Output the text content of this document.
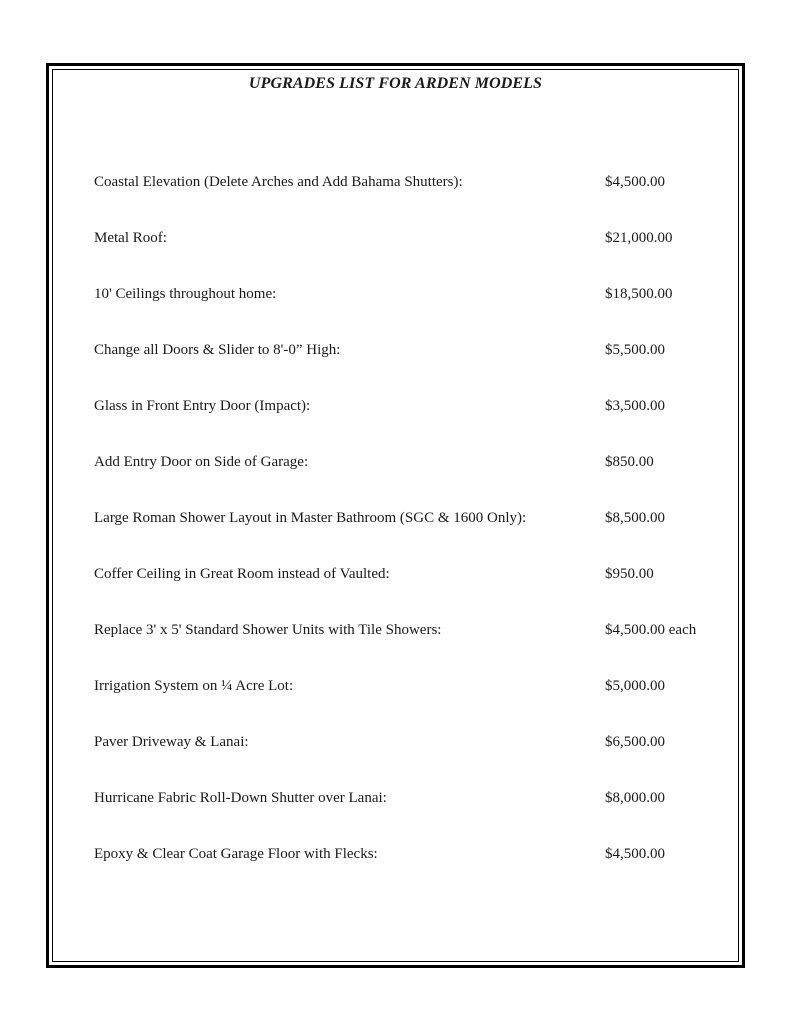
UPGRADES LIST FOR ARDEN MODELS
Coastal Elevation (Delete Arches and Add Bahama Shutters):	$4,500.00
Metal Roof:	$21,000.00
10' Ceilings throughout home:	$18,500.00
Change all Doors & Slider to 8'-0” High:	$5,500.00
Glass in Front Entry Door (Impact):	$3,500.00
Add Entry Door on Side of Garage:	$850.00
Large Roman Shower Layout in Master Bathroom (SGC & 1600 Only):	$8,500.00
Coffer Ceiling in Great Room instead of Vaulted:	$950.00
Replace 3' x 5' Standard Shower Units with Tile Showers:	$4,500.00 each
Irrigation System on ¼ Acre Lot:	$5,000.00
Paver Driveway & Lanai:	$6,500.00
Hurricane Fabric Roll-Down Shutter over Lanai:	$8,000.00
Epoxy & Clear Coat Garage Floor with Flecks:	$4,500.00
